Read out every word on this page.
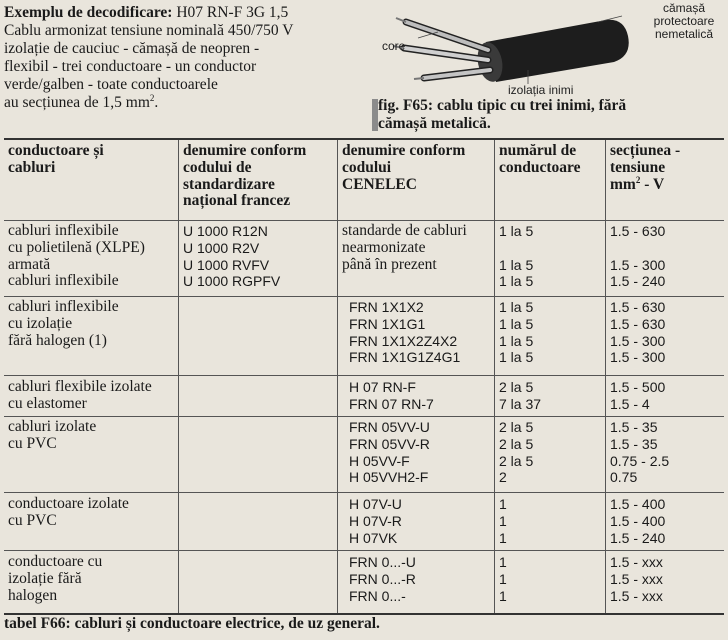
Exemplu de decodificare: H07 RN-F 3G 1,5

Cablu armonizat tensiune nominală 450/750 V

izolație de cauciuc - cămașă de neopren -

flexibil - trei conductoare - un conductor

verde/galben - toate conductoarele

au secțiunea de 1,5 $mm^2$.

core
cămașă
protectoare
nemetalică
izolația inimi
fig. F65: cablu tipic cu trei inimi, fără
cămașă metalică.
conductoare și
cabluri
denumire conform
codului de
standardizare
național francez
denumire conform
codului
CENELEC
numărul de
conductoare
secțiunea -
tensiune
$mm^2$ - V
cabluri inflexibile
cu polietilenă (XLPE)
armată
cabluri inflexibile
U 1000 R12N
U 1000 R2V
U 1000 RVFV
U 1000 RGPFV
standarde de cabluri
nearmonizate
până în prezent
1 la 5
1 la 5
1 la 5
1.5 - 630
1.5 - 300
1.5 - 240
cabluri inflexibile
cu izolație
fără halogen (1)
FRN 1X1X2
FRN 1X1G1
FRN 1X1X2Z4X2
FRN 1X1G1Z4G1
1 la 5
1 la 5
1 la 5
1 la 5
1.5 - 630
1.5 - 630
1.5 - 300
1.5 - 300
cabluri flexibile izolate
cu elastomer
H 07 RN-F
FRN 07 RN-7
2 la 5
7 la 37
1.5 - 500
1.5 - 4
cabluri izolate
cu PVC
FRN 05VV-U
FRN 05VV-R
H 05VV-F
H 05VVH2-F
2 la 5
2 la 5
2 la 5
2
1.5 - 35
1.5 - 35
0.75 - 2.5
0.75
conductoare izolate
cu PVC
H 07V-U
H 07V-R
H 07VK
1
1
1
1.5 - 400
1.5 - 400
1.5 - 240
conductoare cu
izolație fără
halogen
FRN 0...-U
FRN 0...-R
FRN 0...-
1
1
1
1.5 - xxx
1.5 - xxx
1.5 - xxx
tabel F66: cabluri și conductoare electrice, de uz general.
